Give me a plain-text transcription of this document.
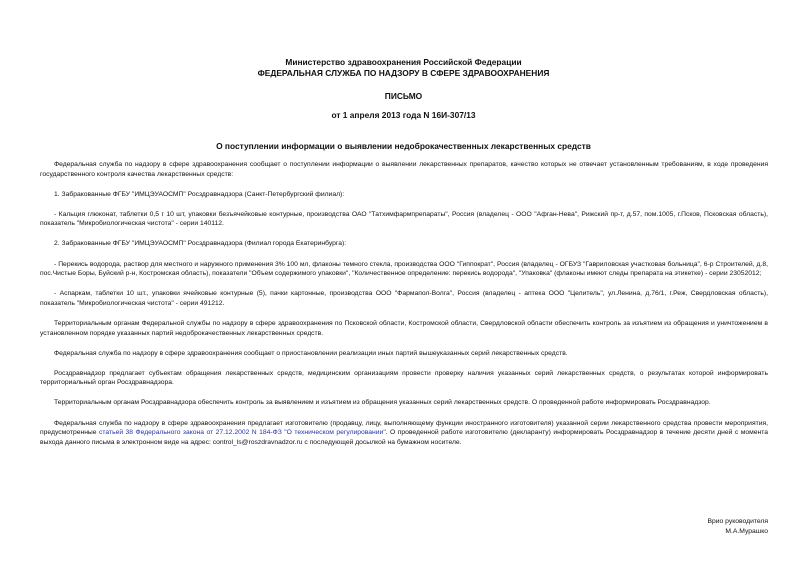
Министерство здравоохранения Российской Федерации
ФЕДЕРАЛЬНАЯ СЛУЖБА ПО НАДЗОРУ В СФЕРЕ ЗДРАВООХРАНЕНИЯ
ПИСЬМО
от 1 апреля 2013 года N 16И-307/13
О поступлении информации о выявлении недоброкачественных лекарственных средств

Федеральная служба по надзору в сфере здравоохранения сообщает о поступлении информации о выявлении лекарственных препаратов, качество которых не отвечает установленным требованиям, в ходе проведения государственного контроля качества лекарственных средств:

1. Забракованные ФГБУ "ИМЦЭУАОСМП" Росздравнадзора (Санкт-Петербургский филиал):

- Кальция глюконат, таблетки 0,5 г 10 шт, упаковки безъячейковые контурные, производства ОАО "Татхимфармпрепараты", Россия (владелец - ООО "Афган-Нева", Рижский пр-т, д.57, пом.1005, г.Псков, Псковская область), показатель "Микробиологическая чистота" - серии 140112.

2. Забракованные ФГБУ "ИМЦЭУАОСМП" Росздравнадзора (Филиал города Екатеринбурга):

- Перекись водорода, раствор для местного и наружного применения 3% 100 мл, флаконы темного стекла, производства ООО "Гиппократ", Россия (владелец - ОГБУЗ "Гавриловская участковая больница", 6-р Строителей, д.8, пос.Чистые Боры, Буйский р-н, Костромская область), показатели "Объем содержимого упаковки", "Количественное определение: перекись водорода", "Упаковка" (флаконы имеют следы препарата на этикетке) - серии 23052012;

- Аспаркам, таблетки 10 шт., упаковки ячейковые контурные (5), пачки картонные, производства ООО "Фармапол-Волга", Россия (владелец - аптека ООО "Целитель", ул.Ленина, д.76/1, г.Реж, Свердловская область), показатель "Микробиологическая чистота" - серии 491212.

Территориальным органам Федеральной службы по надзору в сфере здравоохранения по Псковской области, Костромской области, Свердловской области обеспечить контроль за изъятием из обращения и уничтожением в установленном порядке указанных партий недоброкачественных лекарственных средств.

Федеральная служба по надзору в сфере здравоохранения сообщает о приостановлении реализации иных партий вышеуказанных серий лекарственных средств.

Росздравнадзор предлагает субъектам обращения лекарственных средств, медицинским организациям провести проверку наличия указанных серий лекарственных средств, о результатах которой информировать территориальный орган Росздравнадзора.

Территориальным органам Росздравнадзора обеспечить контроль за выявлением и изъятием из обращения указанных серий лекарственных средств. О проведенной работе информировать Росздравнадзор.

Федеральная служба по надзору в сфере здравоохранения предлагает изготовителю (продавцу, лицу, выполняющему функции иностранного изготовителя) указанной серии лекарственного средства провести мероприятия, предусмотренные статьей 38 Федерального закона от 27.12.2002 N 184-ФЗ "О техническом регулировании". О проведенной работе изготовителю (декларанту) информировать Росздравнадзор в течение десяти дней с момента выхода данного письма в электронном виде на адрес: control_ls@roszdravnadzor.ru с последующей досылкой на бумажном носителе.

Врио руководителя
М.А.Мурашко
